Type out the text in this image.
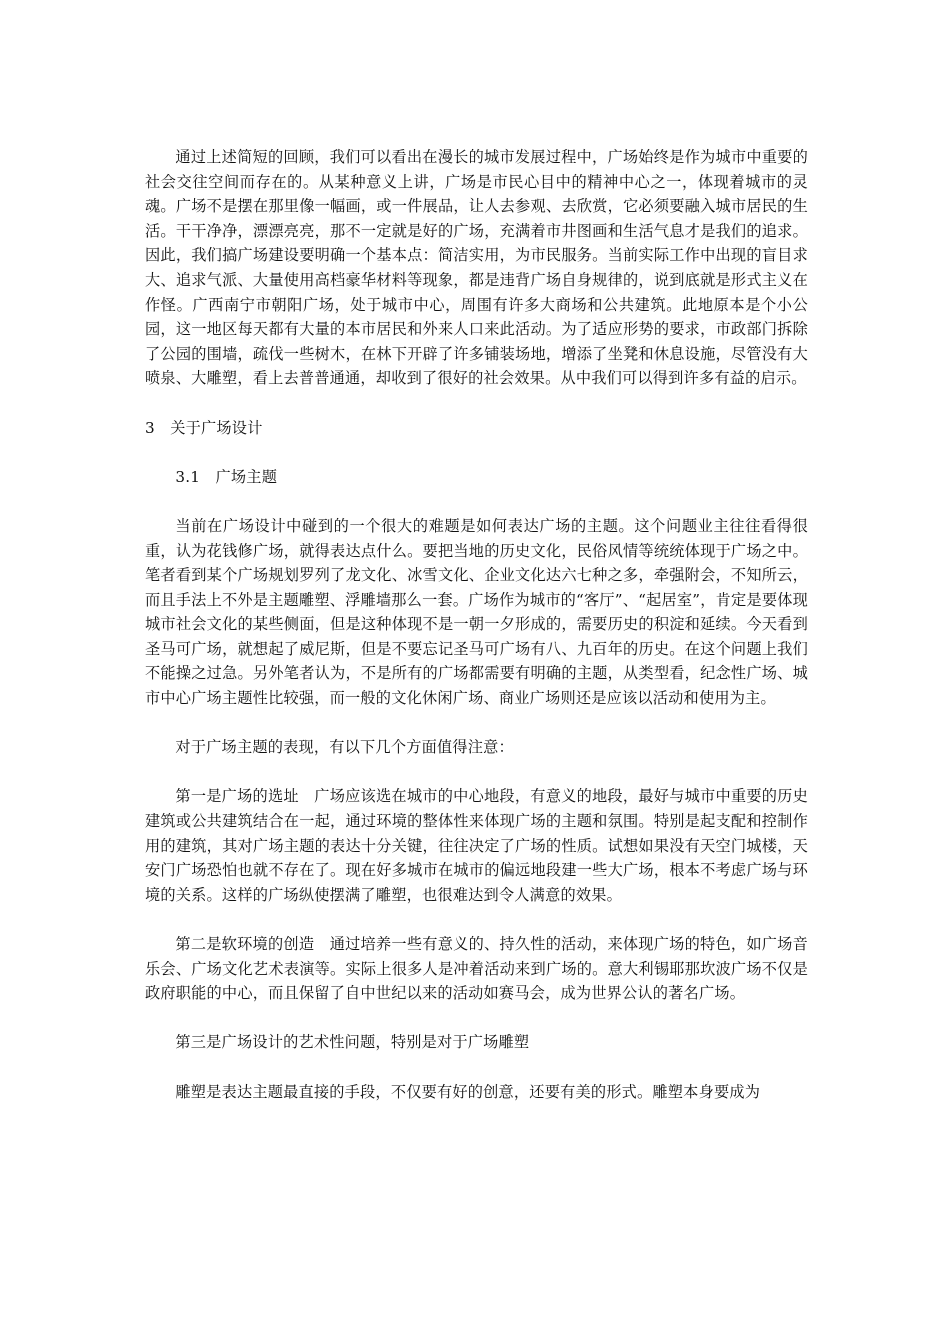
通过上述简短的回顾，我们可以看出在漫长的城市发展过程中，广场始终是作为城市中重要的社会交往空间而存在的。从某种意义上讲，广场是市民心目中的精神中心之一，体现着城市的灵魂。广场不是摆在那里像一幅画，或一件展品，让人去参观、去欣赏，它必须要融入城市居民的生活。干干净净，漂漂亮亮，那不一定就是好的广场，充满着市井图画和生活气息才是我们的追求。因此，我们搞广场建设要明确一个基本点：简洁实用，为市民服务。当前实际工作中出现的盲目求大、追求气派、大量使用高档豪华材料等现象，都是违背广场自身规律的，说到底就是形式主义在作怪。广西南宁市朝阳广场，处于城市中心，周围有许多大商场和公共建筑。此地原本是个小公园，这一地区每天都有大量的本市居民和外来人口来此活动。为了适应形势的要求，市政部门拆除了公园的围墙，疏伐一些树木，在林下开辟了许多铺装场地，增添了坐凳和休息设施，尽管没有大喷泉、大雕塑，看上去普普通通，却收到了很好的社会效果。从中我们可以得到许多有益的启示。

3　关于广场设计

3.1　广场主题

当前在广场设计中碰到的一个很大的难题是如何表达广场的主题。这个问题业主往往看得很重，认为花钱修广场，就得表达点什么。要把当地的历史文化，民俗风情等统统体现于广场之中。笔者看到某个广场规划罗列了龙文化、冰雪文化、企业文化达六七种之多，牵强附会，不知所云，而且手法上不外是主题雕塑、浮雕墙那么一套。广场作为城市的“客厅”、“起居室”，肯定是要体现城市社会文化的某些侧面，但是这种体现不是一朝一夕形成的，需要历史的积淀和延续。今天看到圣马可广场，就想起了威尼斯，但是不要忘记圣马可广场有八、九百年的历史。在这个问题上我们不能操之过急。另外笔者认为，不是所有的广场都需要有明确的主题，从类型看，纪念性广场、城市中心广场主题性比较强，而一般的文化休闲广场、商业广场则还是应该以活动和使用为主。

对于广场主题的表现，有以下几个方面值得注意：

第一是广场的选址　广场应该选在城市的中心地段，有意义的地段，最好与城市中重要的历史建筑或公共建筑结合在一起，通过环境的整体性来体现广场的主题和氛围。特别是起支配和控制作用的建筑，其对广场主题的表达十分关键，往往决定了广场的性质。试想如果没有天空门城楼，天安门广场恐怕也就不存在了。现在好多城市在城市的偏远地段建一些大广场，根本不考虑广场与环境的关系。这样的广场纵使摆满了雕塑，也很难达到令人满意的效果。

第二是软环境的创造　通过培养一些有意义的、持久性的活动，来体现广场的特色，如广场音乐会、广场文化艺术表演等。实际上很多人是冲着活动来到广场的。意大利锡耶那坎波广场不仅是政府职能的中心，而且保留了自中世纪以来的活动如赛马会，成为世界公认的著名广场。

第三是广场设计的艺术性问题，特别是对于广场雕塑

雕塑是表达主题最直接的手段，不仅要有好的创意，还要有美的形式。雕塑本身要成为
